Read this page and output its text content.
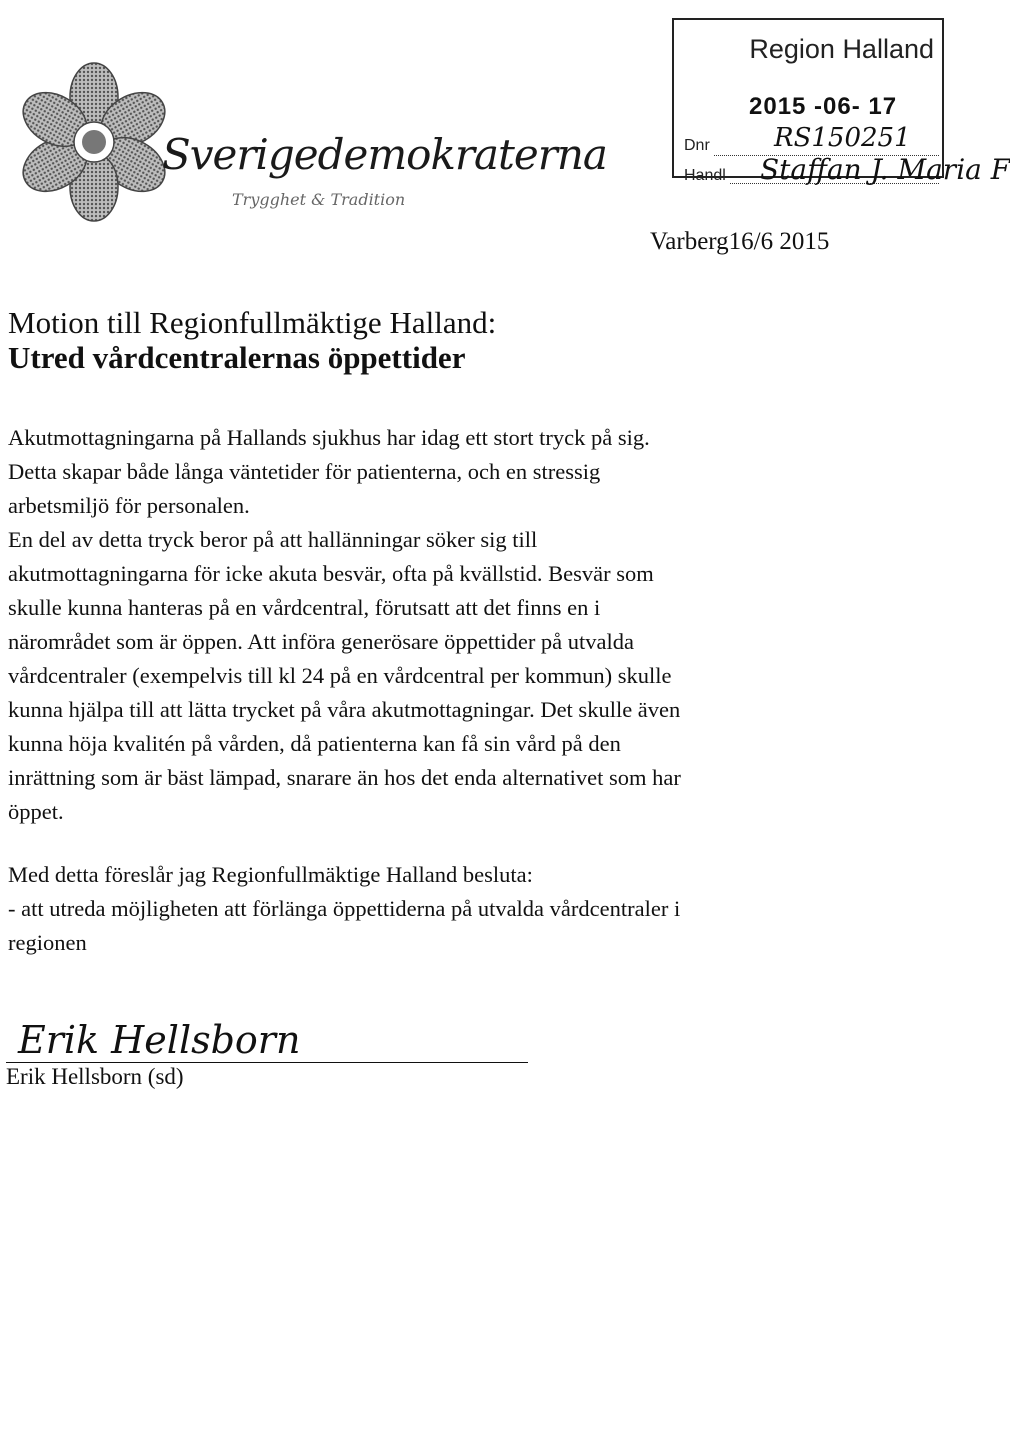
Sverigedemokraterna
Trygghet & Tradition
Region Halland
2015 -06- 17
Dnr RS150251
Handl Staffan J. Maria F
Varberg16/6 2015
Motion till Regionfullmäktige Halland:
Utred vårdcentralernas öppettider
Akutmottagningarna på Hallands sjukhus har idag ett stort tryck på sig.
Detta skapar både långa väntetider för patienterna, och en stressig
arbetsmiljö för personalen.
En del av detta tryck beror på att hallänningar söker sig till
akutmottagningarna för icke akuta besvär, ofta på kvällstid. Besvär som
skulle kunna hanteras på en vårdcentral, förutsatt att det finns en i
närområdet som är öppen. Att införa generösare öppettider på utvalda
vårdcentraler (exempelvis till kl 24 på en vårdcentral per kommun) skulle
kunna hjälpa till att lätta trycket på våra akutmottagningar. Det skulle även
kunna höja kvalitén på vården, då patienterna kan få sin vård på den
inrättning som är bäst lämpad, snarare än hos det enda alternativet som har
öppet.
Med detta föreslår jag Regionfullmäktige Halland besluta:
- att utreda möjligheten att förlänga öppettiderna på utvalda vårdcentraler i
regionen
Erik Hellsborn
Erik Hellsborn (sd)
